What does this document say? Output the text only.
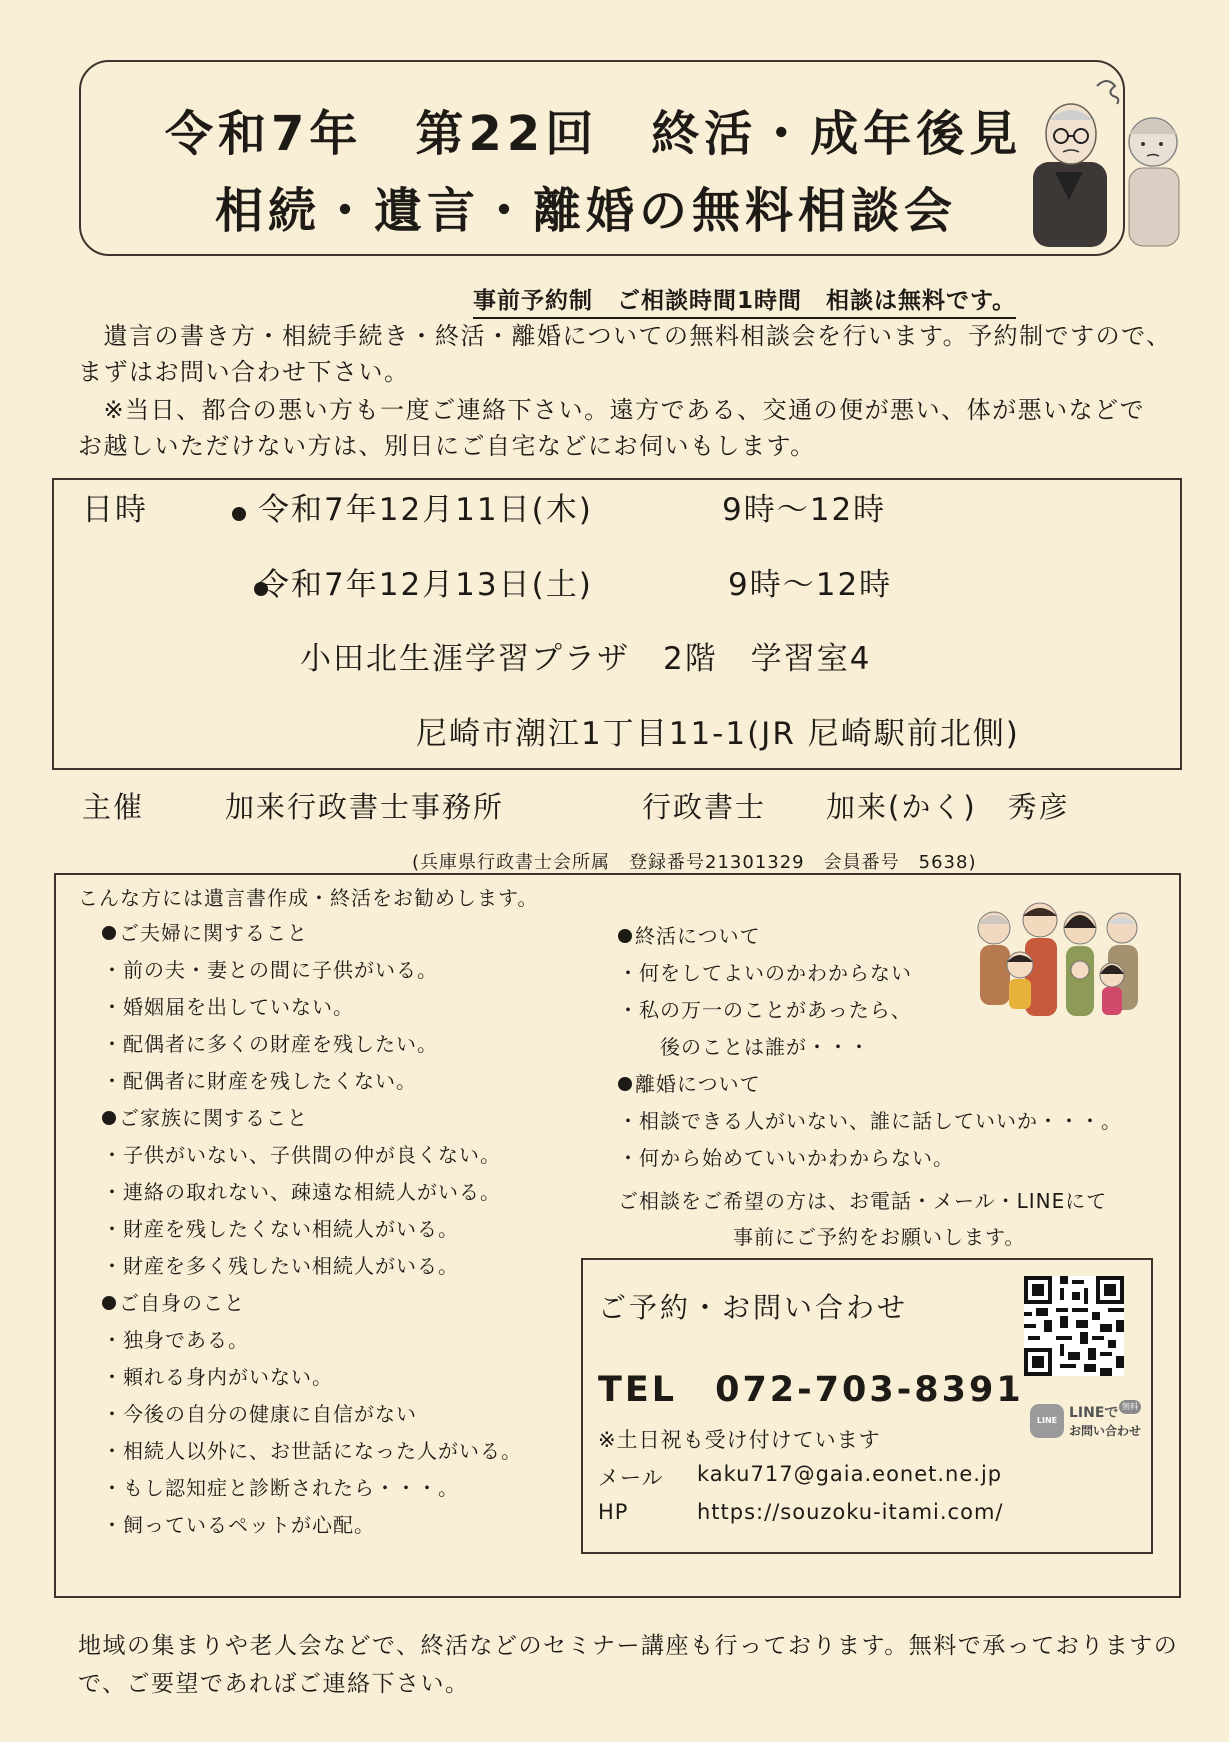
令和7年　第22回　終活・成年後見
相続・遺言・離婚の無料相談会
事前予約制　ご相談時間1時間　相談は無料です。
　遺言の書き方・相続手続き・終活・離婚についての無料相談会を行います。予約制ですので、
まずはお問い合わせ下さい。
　※当日、都合の悪い方も一度ご連絡下さい。遠方である、交通の便が悪い、体が悪いなどで
お越しいただけない方は、別日にご自宅などにお伺いもします。
日時
	令和7年12月11日(木)	9時～12時
令和7年12月13日(土)	9時～12時
小田北生涯学習プラザ　2階　学習室4
尼崎市潮江1丁目11-1(JR 尼崎駅前北側)
主催	加来行政書士事務所	行政書士 加来(かく)　秀彦
(兵庫県行政書士会所属　登録番号21301329　会員番号　5638)
こんな方には遺言書作成・終活をお勧めします。
ご夫婦に関すること
・前の夫・妻との間に子供がいる。
・婚姻届を出していない。
・配偶者に多くの財産を残したい。
・配偶者に財産を残したくない。
ご家族に関すること
・子供がいない、子供間の仲が良くない。
・連絡の取れない、疎遠な相続人がいる。
・財産を残したくない相続人がいる。
・財産を多く残したい相続人がいる。
ご自身のこと
・独身である。
・頼れる身内がいない。
・今後の自分の健康に自信がない
・相続人以外に、お世話になった人がいる。
・もし認知症と診断されたら・・・。
・飼っているペットが心配。
終活について
・何をしてよいのかわからない
・私の万一のことがあったら、
　　後のことは誰が・・・
離婚について
・相談できる人がいない、誰に話していいか・・・。
・何から始めていいかわからない。
ご相談をご希望の方は、お電話・メール・LINEにて
事前にご予約をお願いします。
ご予約・お問い合わせ
TEL　072-703-8391
※土日祝も受け付けています
メール kaku717@gaia.eonet.ne.jp
HP	https://souzoku-itami.com/
LINE LINEで 無料
お問い合わせ
地域の集まりや老人会などで、終活などのセミナー講座も行っております。無料で承っておりますの
で、ご要望であればご連絡下さい。
